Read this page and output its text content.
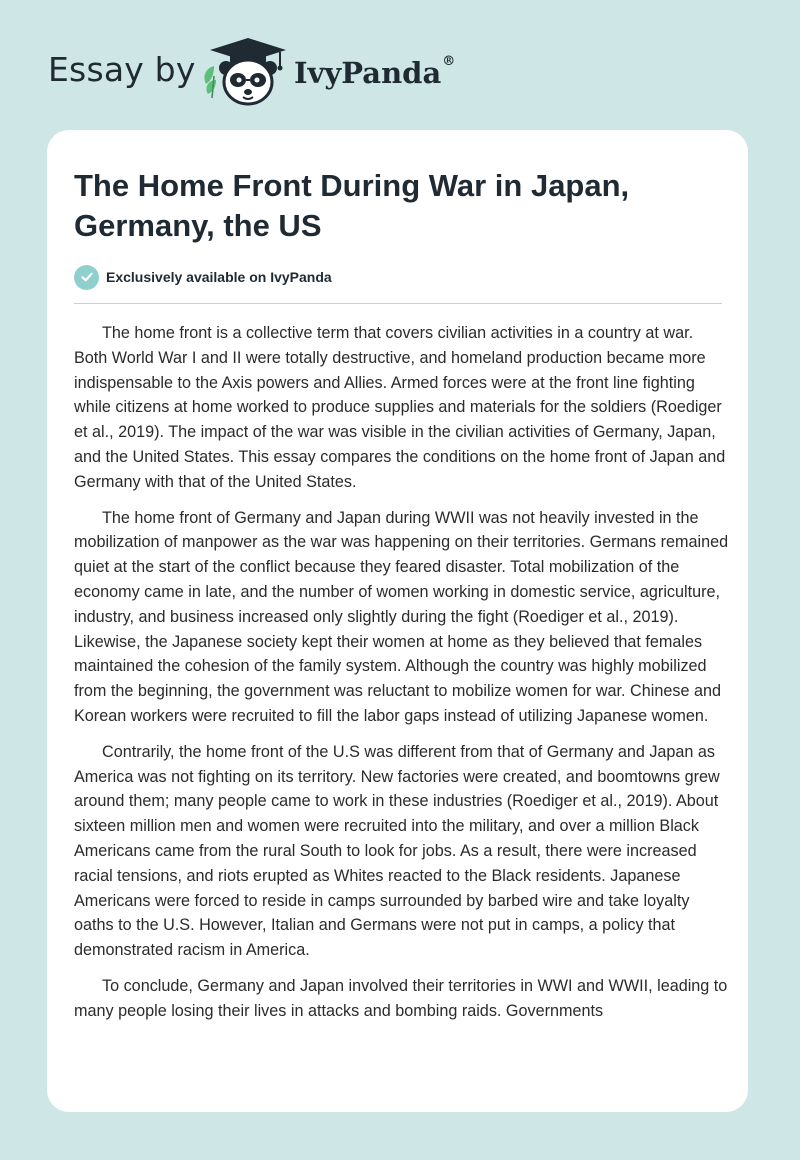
Essay by	IvyPanda®
The Home Front During War in Japan, Germany, the US
Exclusively available on IvyPanda

The home front is a collective term that covers civilian activities in a country at war. Both World War I and II were totally destructive, and homeland production became more indispensable to the Axis powers and Allies. Armed forces were at the front line fighting while citizens at home worked to produce supplies and materials for the soldiers (Roediger et al., 2019). The impact of the war was visible in the civilian activities of Germany, Japan, and the United States. This essay compares the conditions on the home front of Japan and Germany with that of the United States.

The home front of Germany and Japan during WWII was not heavily invested in the mobilization of manpower as the war was happening on their territories. Germans remained quiet at the start of the conflict because they feared disaster. Total mobilization of the economy came in late, and the number of women working in domestic service, agriculture, industry, and business increased only slightly during the fight (Roediger et al., 2019). Likewise, the Japanese society kept their women at home as they believed that females maintained the cohesion of the family system. Although the country was highly mobilized from the beginning, the government was reluctant to mobilize women for war. Chinese and Korean workers were recruited to fill the labor gaps instead of utilizing Japanese women.

Contrarily, the home front of the U.S was different from that of Germany and Japan as America was not fighting on its territory. New factories were created, and boomtowns grew around them; many people came to work in these industries (Roediger et al., 2019). About sixteen million men and women were recruited into the military, and over a million Black Americans came from the rural South to look for jobs. As a result, there were increased racial tensions, and riots erupted as Whites reacted to the Black residents. Japanese Americans were forced to reside in camps surrounded by barbed wire and take loyalty oaths to the U.S. However, Italian and Germans were not put in camps, a policy that demonstrated racism in America.

To conclude, Germany and Japan involved their territories in WWI and WWII, leading to many people losing their lives in attacks and bombing raids. Governments
